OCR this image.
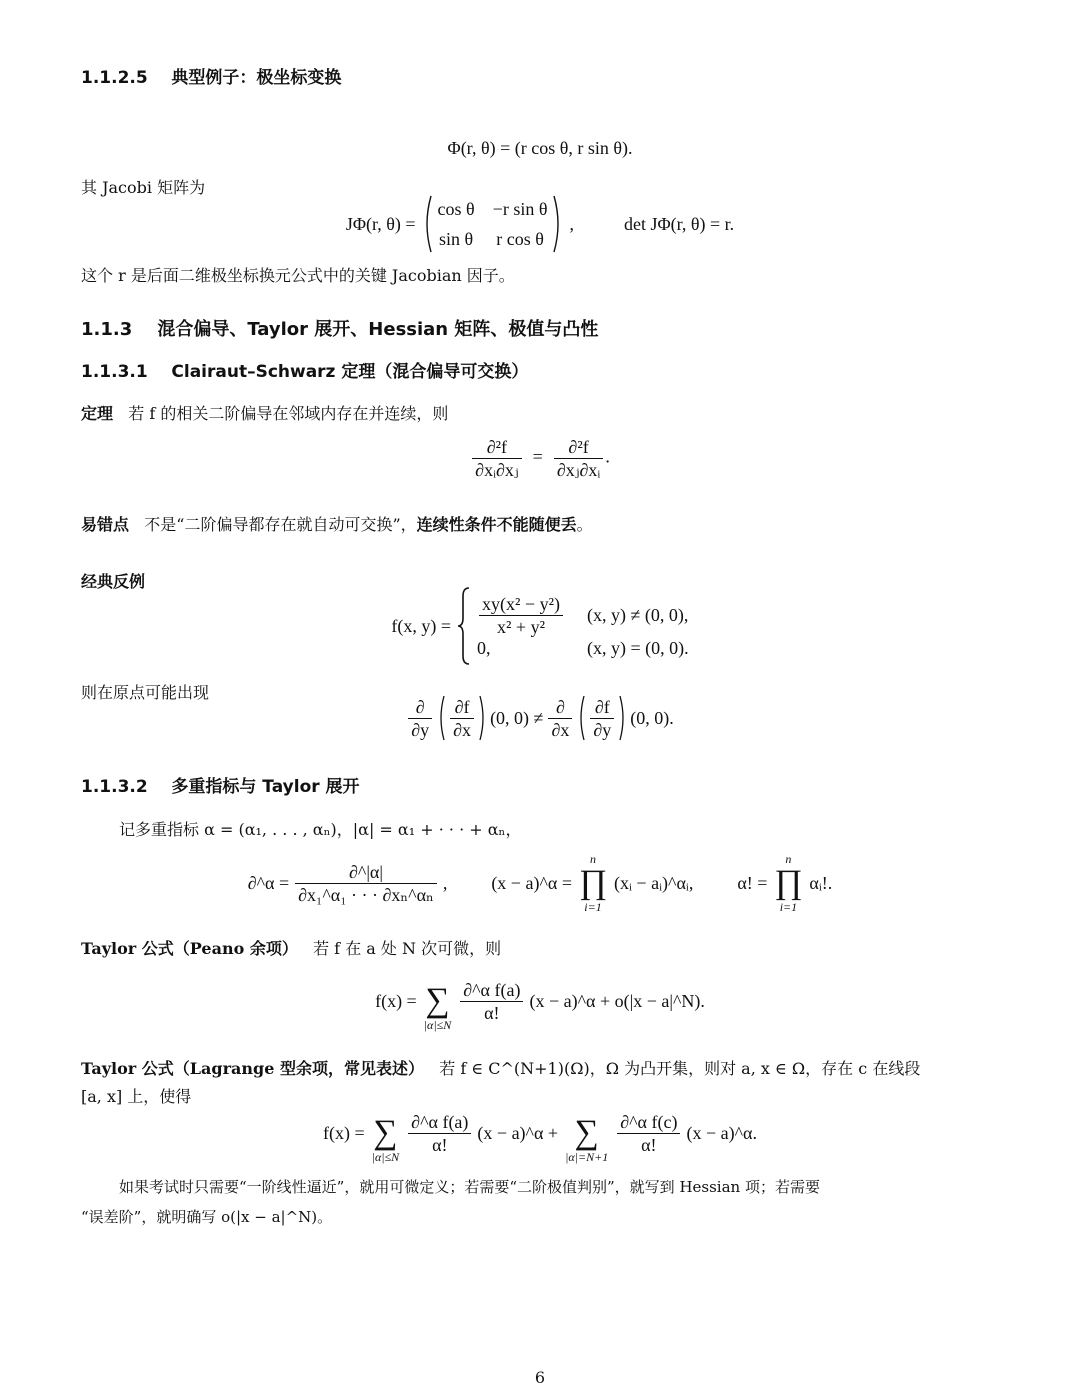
1.1.2.5 典型例子：极坐标变换
Φ(r, θ) = (r cos θ, r sin θ).
其 Jacobi 矩阵为
JΦ(r, θ) =
cos θ −r sin θ
sin θ r cos θ
,	det JΦ(r, θ) = r.
这个 r 是后面二维极坐标换元公式中的关键 Jacobian 因子。
1.1.3 混合偏导、Taylor 展开、Hessian 矩阵、极值与凸性
1.1.3.1 Clairaut–Schwarz 定理（混合偏导可交换）
定理 若 f 的相关二阶偏导在邻域内存在并连续，则
$\frac{\text{∂²f}}{\text{∂xᵢ∂xⱼ}} = \frac{\text{∂²f}}{\text{∂xⱼ∂xᵢ}}$ .
易错点 不是“二阶偏导都存在就自动可交换”，连续性条件不能随便丢。
经典反例
f(x, $y) = \frac{\text{xy(x² − y²)}}{\text{x² + y²}} (x$, y) ≠ (0, 0),
0,	(x, y) = (0, 0).
则在原点可能出现
$\frac{\partial}{\partial y} \frac{\partial f}{\partial x} (0$, $0) \ne \frac{\partial}{\partial x} \frac{\partial f}{\partial y} (0$, 0).
1.1.3.2 多重指标与 Taylor 展开
记多重指标 α = (α₁, . . . , αₙ)，|α| = α₁ + · · · + αₙ，
∂^α = $\frac{\partial\^{}|\alpha|}{\text{∂x₁\textasciicircum{}α₁ · · · ∂xₙ\textasciicircum{}αₙ}}$ , (x − a)^α =
n
∏
i=1
(xᵢ − aᵢ)^αᵢ, α! =
n
∏
i=1
αᵢ!.
Taylor 公式（Peano 余项） 若 f 在 a 处 N 次可微，则
f(x) =
∑
|α|≤N
$\frac{\text{∂\textasciicircum{}α f(a)}}{\alpha!} (x$ − a)^α + o(|x − a|^N).
Taylor 公式（Lagrange 型余项，常见表述） 若 f ∈ C^(N+1)(Ω)，Ω 为凸开集，则对 a, x ∈ Ω，存在 c 在线段
[a, x] 上，使得
f(x) =
∑
|α|≤N
$\frac{\text{∂\textasciicircum{}α f(a)}}{\alpha!} (x$ − a)^α +
∑
|α|=N+1
$\frac{\text{∂\textasciicircum{}α f(c)}}{\alpha!} (x$ − a)^α.
如果考试时只需要“一阶线性逼近”，就用可微定义；若需要“二阶极值判别”，就写到 Hessian 项；若需要
“误差阶”，就明确写 o(|x − a|^N)。
6
